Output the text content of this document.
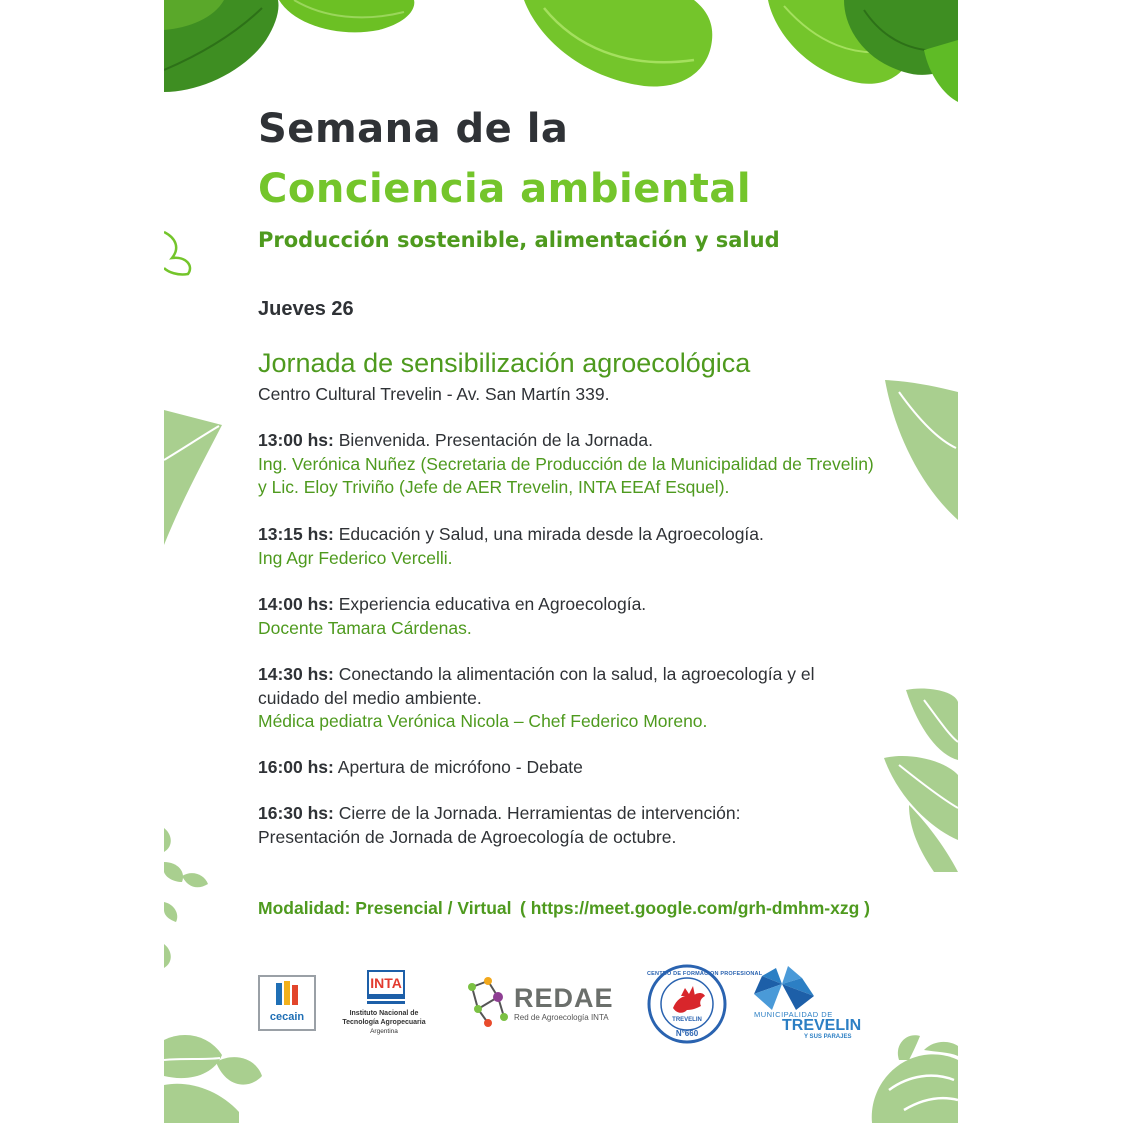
Semana de la
Conciencia ambiental
Producción sostenible, alimentación y salud
Jueves 26
Jornada de sensibilización agroecológica
Centro Cultural Trevelin - Av. San Martín 339.
13:00 hs: Bienvenida. Presentación de la Jornada.
Ing. Verónica Nuñez (Secretaria de Producción de la Municipalidad de Trevelin)
y Lic. Eloy Triviño (Jefe de AER Trevelin, INTA EEAf Esquel).
13:15 hs: Educación y Salud, una mirada desde la Agroecología.
Ing Agr Federico Vercelli.
14:00 hs: Experiencia educativa en Agroecología.
Docente Tamara Cárdenas.
14:30 hs: Conectando la alimentación con la salud, la agroecología y el
cuidado del medio ambiente.
Médica pediatra Verónica Nicola – Chef Federico Moreno.
16:00 hs: Apertura de micrófono - Debate
16:30 hs: Cierre de la Jornada. Herramientas de intervención:
Presentación de Jornada de Agroecología de octubre.
Modalidad: Presencial / Virtual ( https://meet.google.com/grh-dmhm-xzg )
cecain
INTA
Instituto Nacional de
Tecnología Agropecuaria
Argentina
REDAE
Red de Agroecología INTA
CENTRO DE FORMACION PROFESIONAL
TREVELIN
N°660
MUNICIPALIDAD DE
TREVELIN
Y SUS PARAJES
